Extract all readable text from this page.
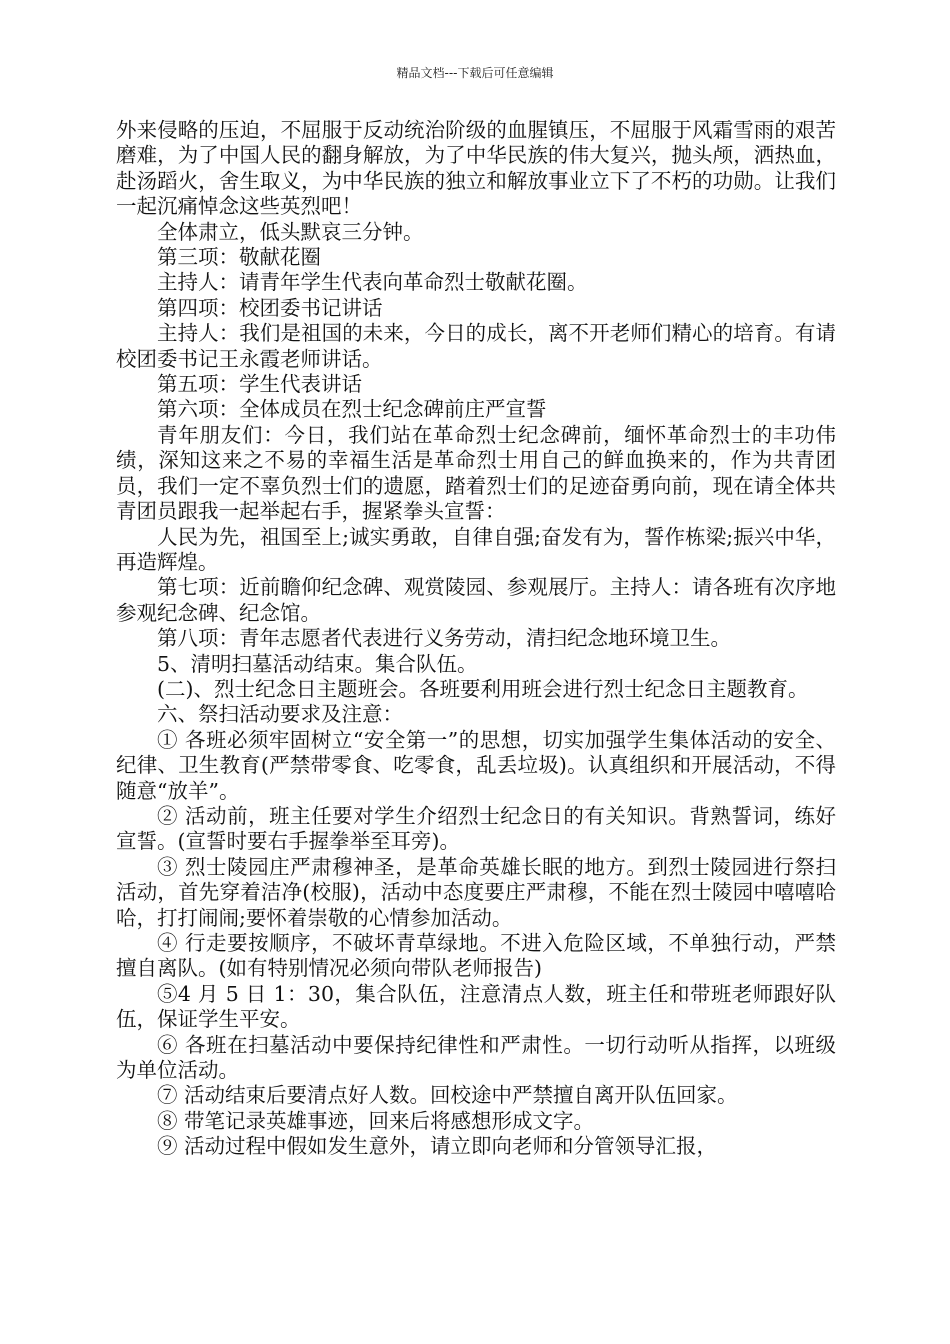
精品文档---下载后可任意编辑

外来侵略的压迫，不屈服于反动统治阶级的血腥镇压，不屈服于风霜雪雨的艰苦磨难，为了中国人民的翻身解放，为了中华民族的伟大复兴，抛头颅，洒热血，赴汤蹈火，舍生取义，为中华民族的独立和解放事业立下了不朽的功勋。让我们一起沉痛悼念这些英烈吧！

全体肃立，低头默哀三分钟。

第三项：敬献花圈

主持人：请青年学生代表向革命烈士敬献花圈。

第四项：校团委书记讲话

主持人：我们是祖国的未来，今日的成长，离不开老师们精心的培育。有请校团委书记王永霞老师讲话。

第五项：学生代表讲话

第六项：全体成员在烈士纪念碑前庄严宣誓

青年朋友们：今日，我们站在革命烈士纪念碑前，缅怀革命烈士的丰功伟绩，深知这来之不易的幸福生活是革命烈士用自己的鲜血换来的，作为共青团员，我们一定不辜负烈士们的遗愿，踏着烈士们的足迹奋勇向前，现在请全体共青团员跟我一起举起右手，握紧拳头宣誓：

人民为先，祖国至上;诚实勇敢，自律自强;奋发有为，誓作栋梁;振兴中华，再造辉煌。

第七项：近前瞻仰纪念碑、观赏陵园、参观展厅。主持人：请各班有次序地参观纪念碑、纪念馆。

第八项：青年志愿者代表进行义务劳动，清扫纪念地环境卫生。

5、清明扫墓活动结束。集合队伍。

(二)、烈士纪念日主题班会。各班要利用班会进行烈士纪念日主题教育。

六、祭扫活动要求及注意：

① 各班必须牢固树立“安全第一”的思想，切实加强学生集体活动的安全、纪律、卫生教育(严禁带零食、吃零食，乱丢垃圾)。认真组织和开展活动，不得随意“放羊”。

② 活动前，班主任要对学生介绍烈士纪念日的有关知识。背熟誓词，练好宣誓。(宣誓时要右手握拳举至耳旁)。

③ 烈士陵园庄严肃穆神圣，是革命英雄长眠的地方。到烈士陵园进行祭扫活动，首先穿着洁净(校服)，活动中态度要庄严肃穆，不能在烈士陵园中嘻嘻哈哈，打打闹闹;要怀着崇敬的心情参加活动。

④ 行走要按顺序，不破坏青草绿地。不进入危险区域，不单独行动，严禁擅自离队。(如有特别情况必须向带队老师报告)

⑤4 月 5 日 1：30，集合队伍，注意清点人数，班主任和带班老师跟好队伍，保证学生平安。

⑥ 各班在扫墓活动中要保持纪律性和严肃性。一切行动听从指挥，以班级为单位活动。

⑦ 活动结束后要清点好人数。回校途中严禁擅自离开队伍回家。

⑧ 带笔记录英雄事迹，回来后将感想形成文字。

⑨ 活动过程中假如发生意外，请立即向老师和分管领导汇报，
